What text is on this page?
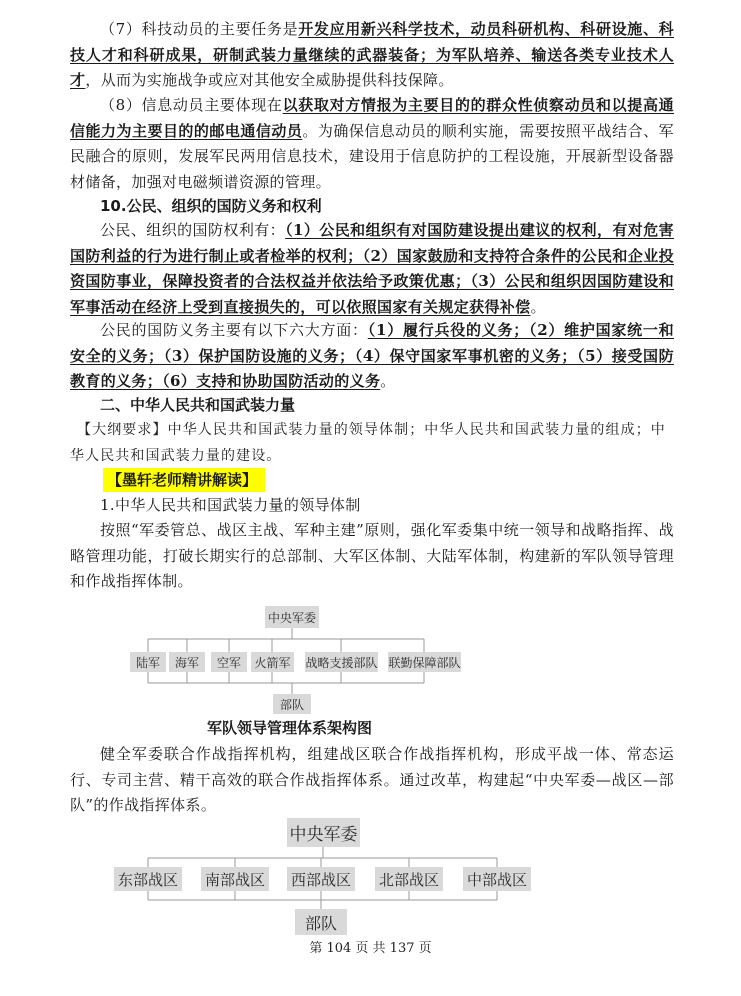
（7）科技动员的主要任务是开发应用新兴科学技术，动员科研机构、科研设施、科技人才和科研成果，研制武装力量继续的武器装备；为军队培养、输送各类专业技术人才，从而为实施战争或应对其他安全威胁提供科技保障。

（8）信息动员主要体现在以获取对方情报为主要目的的群众性侦察动员和以提高通信能力为主要目的的邮电通信动员。为确保信息动员的顺利实施，需要按照平战结合、军民融合的原则，发展军民两用信息技术，建设用于信息防护的工程设施，开展新型设备器材储备，加强对电磁频谱资源的管理。

10.公民、组织的国防义务和权利

公民、组织的国防权利有：（1）公民和组织有对国防建设提出建议的权利，有对危害国防利益的行为进行制止或者检举的权利；（2）国家鼓励和支持符合条件的公民和企业投资国防事业，保障投资者的合法权益并依法给予政策优惠；（3）公民和组织因国防建设和军事活动在经济上受到直接损失的，可以依照国家有关规定获得补偿。

公民的国防义务主要有以下六大方面：（1）履行兵役的义务；（2）维护国家统一和安全的义务；（3）保护国防设施的义务；（4）保守国家军事机密的义务；（5）接受国防教育的义务；（6）支持和协助国防活动的义务。

二、中华人民共和国武装力量

【大纲要求】中华人民共和国武装力量的领导体制；中华人民共和国武装力量的组成；中华人民共和国武装力量的建设。

【墨轩老师精讲解读】

1.中华人民共和国武装力量的领导体制

按照“军委管总、战区主战、军种主建”原则，强化军委集中统一领导和战略指挥、战略管理功能，打破长期实行的总部制、大军区体制、大陆军体制，构建新的军队领导管理和作战指挥体制。

中央军委
陆军	海军	空军	火箭军 战略支援部队 联勤保障部队
部队
军队领导管理体系架构图

健全军委联合作战指挥机构，组建战区联合作战指挥机构，形成平战一体、常态运行、专司主营、精干高效的联合作战指挥体系。通过改革，构建起“中央军委—战区—部队”的作战指挥体系。

中央军委
东部战区 南部战区 西部战区 北部战区 中部战区
部队
第 104 页 共 137 页
